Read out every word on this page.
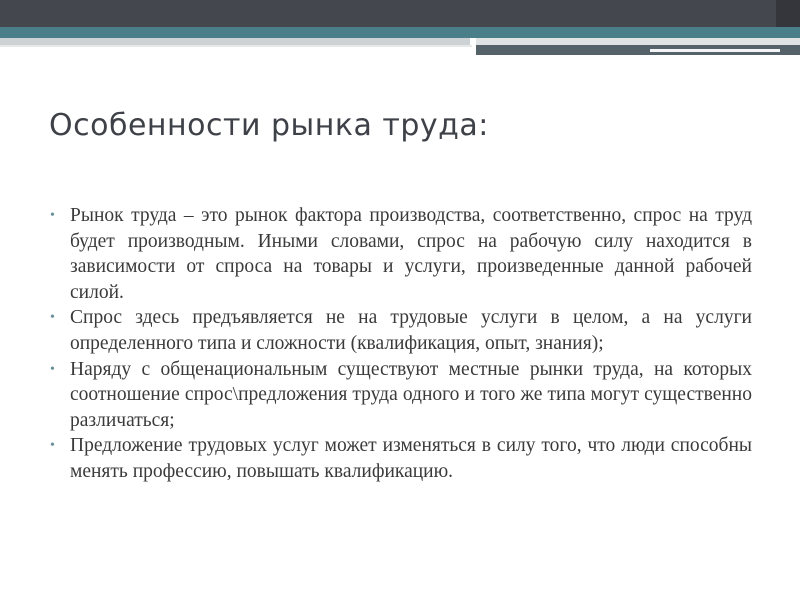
Особенности рынка труда:
• Рынок труда – это рынок фактора производства, соответственно, спрос на труд будет производным. Иными словами, спрос на рабочую силу находится в зависимости от спроса на товары и услуги, произведенные данной рабочей силой.
• Спрос здесь предъявляется не на трудовые услуги в целом, а на услуги определенного типа и сложности (квалификация, опыт, знания);
• Наряду с общенациональным существуют местные рынки труда, на которых соотношение спрос\предложения труда одного и того же типа могут существенно различаться;
• Предложение трудовых услуг может изменяться в силу того, что люди способны менять профессию, повышать квалификацию.
